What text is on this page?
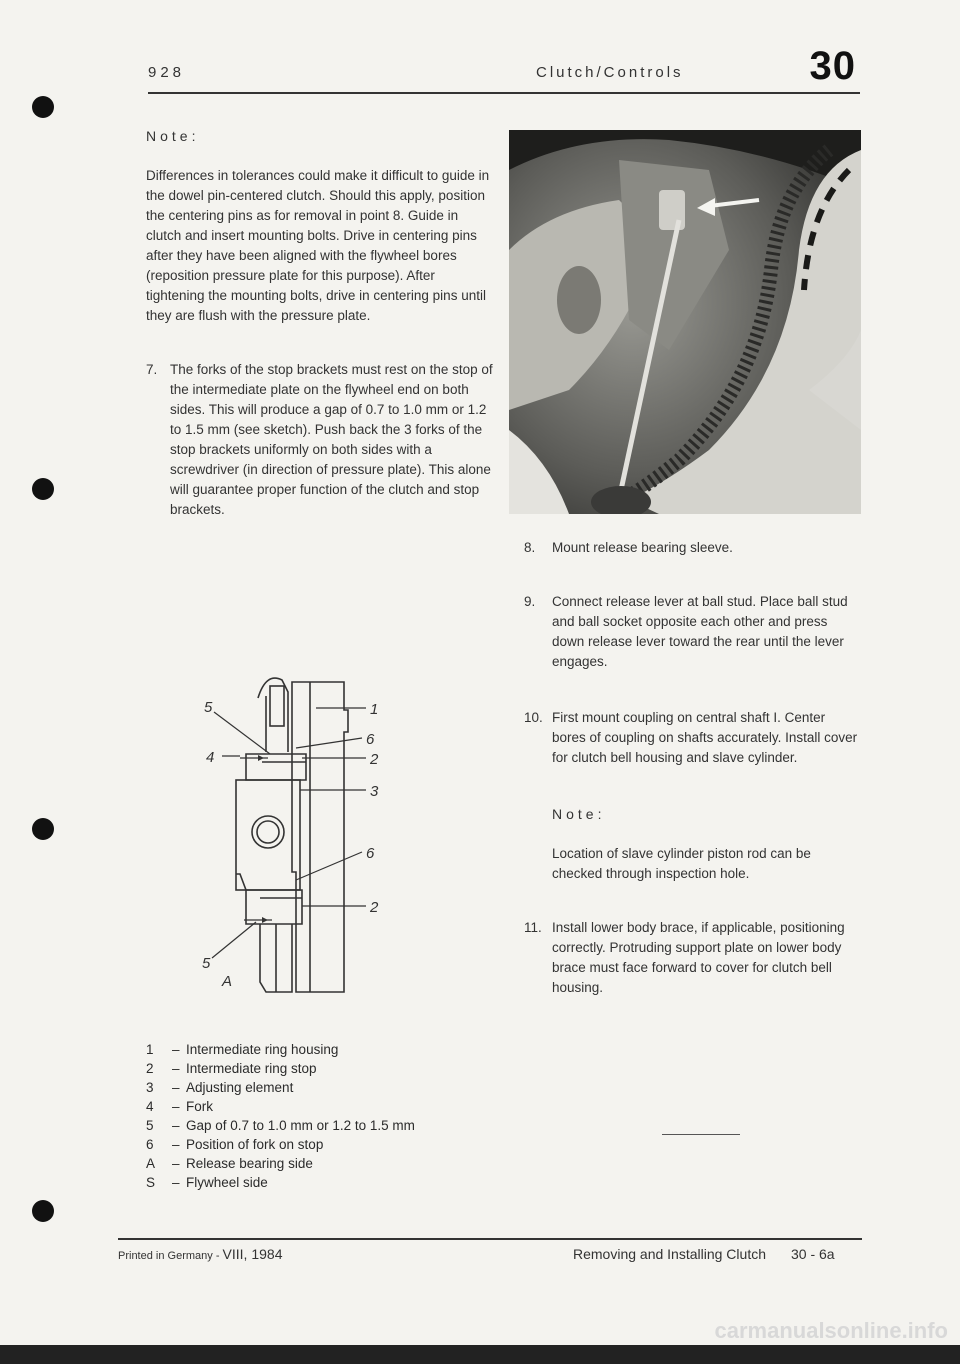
928	Clutch/Controls	30
Note:
Differences in tolerances could make it difficult to guide in the dowel pin-centered clutch. Should this apply, position the centering pins as for removal in point 8. Guide in clutch and insert mounting bolts. Drive in centering pins after they have been aligned with the flywheel bores (reposition pressure plate for this purpose). After tightening the mounting bolts, drive in centering pins until they are flush with the pressure plate.
7. The forks of the stop brackets must rest on the stop of the intermediate plate on the flywheel end on both sides. This will produce a gap of 0.7 to 1.0 mm or 1.2 to 1.5 mm (see sketch). Push back the 3 forks of the stop brackets uniformly on both sides with a screwdriver (in direction of pressure plate). This alone will guarantee proper function of the clutch and stop brackets.
1
6
2
3
6
2
4
5
5
A
1	– Intermediate ring housing
2	– Intermediate ring stop
3	– Adjusting element
4	– Fork
5	– Gap of 0.7 to 1.0 mm or 1.2 to 1.5 mm
6	– Position of fork on stop
A	– Release bearing side
S	– Flywheel side
8.	Mount release bearing sleeve.
9.	Connect release lever at ball stud. Place ball stud and ball socket opposite each other and press down release lever toward the rear until the lever engages.
10. First mount coupling on central shaft I. Center bores of coupling on shafts accurately. Install cover for clutch bell housing and slave cylinder.
Note:
Location of slave cylinder piston rod can be checked through inspection hole.
11. Install lower body brace, if applicable, positioning correctly. Protruding support plate on lower body brace must face forward to cover for clutch bell housing.
Printed in Germany - VIII, 1984	Removing and Installing Clutch 30 - 6a
carmanualsonline.info
